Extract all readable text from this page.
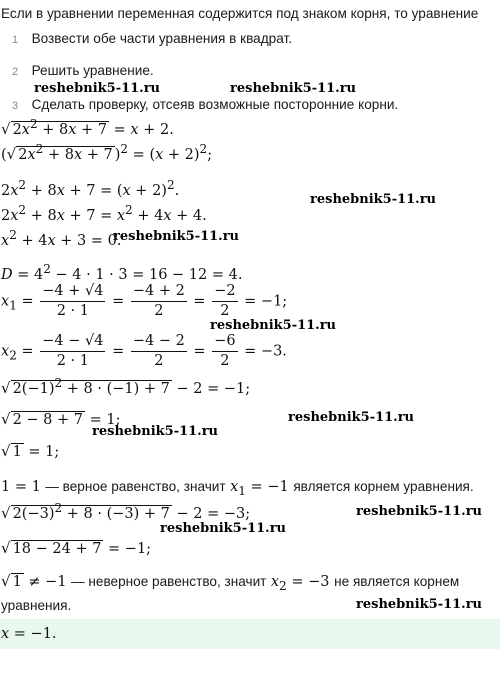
Если в уравнении переменная содержится под знаком корня, то уравнение
1 Возвести обе части уравнения в квадрат.
2 Решить уравнение.
3 Сделать проверку, отсеяв возможные посторонние корни.
reshebnik5-11.ru	reshebnik5-11.ru
reshebnik5-11.ru
reshebnik5-11.ru
reshebnik5-11.ru
reshebnik5-11.ru
reshebnik5-11.ru
reshebnik5-11.ru
reshebnik5-11.ru
reshebnik5-11.ru
√ $2x^2 + 8x + 7 = x + 2$.
(√ $2x^2 + 8x + 7$ )$^2 = (x + 2)^2$;
$2x^2 + 8x + 7 = (x + 2)^2$.
$2x^2 + 8x + 7 = x^2 + 4x + 4$.
$x^2 + 4x + 3 = 0$.
$D = 4^2 - 4 \cdot 1 \cdot 3 = 16 - 12 = 4$.
$x_1 = \frac{-4 + √4}{2 \cdot 1} = \frac{-4 + 2}{2} = \frac{-2}{2} = -1$;
$x_2 = \frac{-4 - √4}{2 \cdot 1} = \frac{-4 - 2}{2} = \frac{-6}{2} = -3$.
√ $2(-1)^2 + 8 \cdot (-1) + 7 - 2 = -1$;
√ 2 − 8 + 7 = 1;
√ 1 = 1;
1 = 1 — верное равенство, значит $x_1 = -1$ является корнем уравнения.
√ $2(-3)^2 + 8 \cdot (-3) + 7 - 2 = -3$;
√ 18 − 24 + 7 = −1;
√ 1 ≠ −1 — неверное равенство, значит $x_2 = -3$ не является корнем
уравнения.
x = −1.
